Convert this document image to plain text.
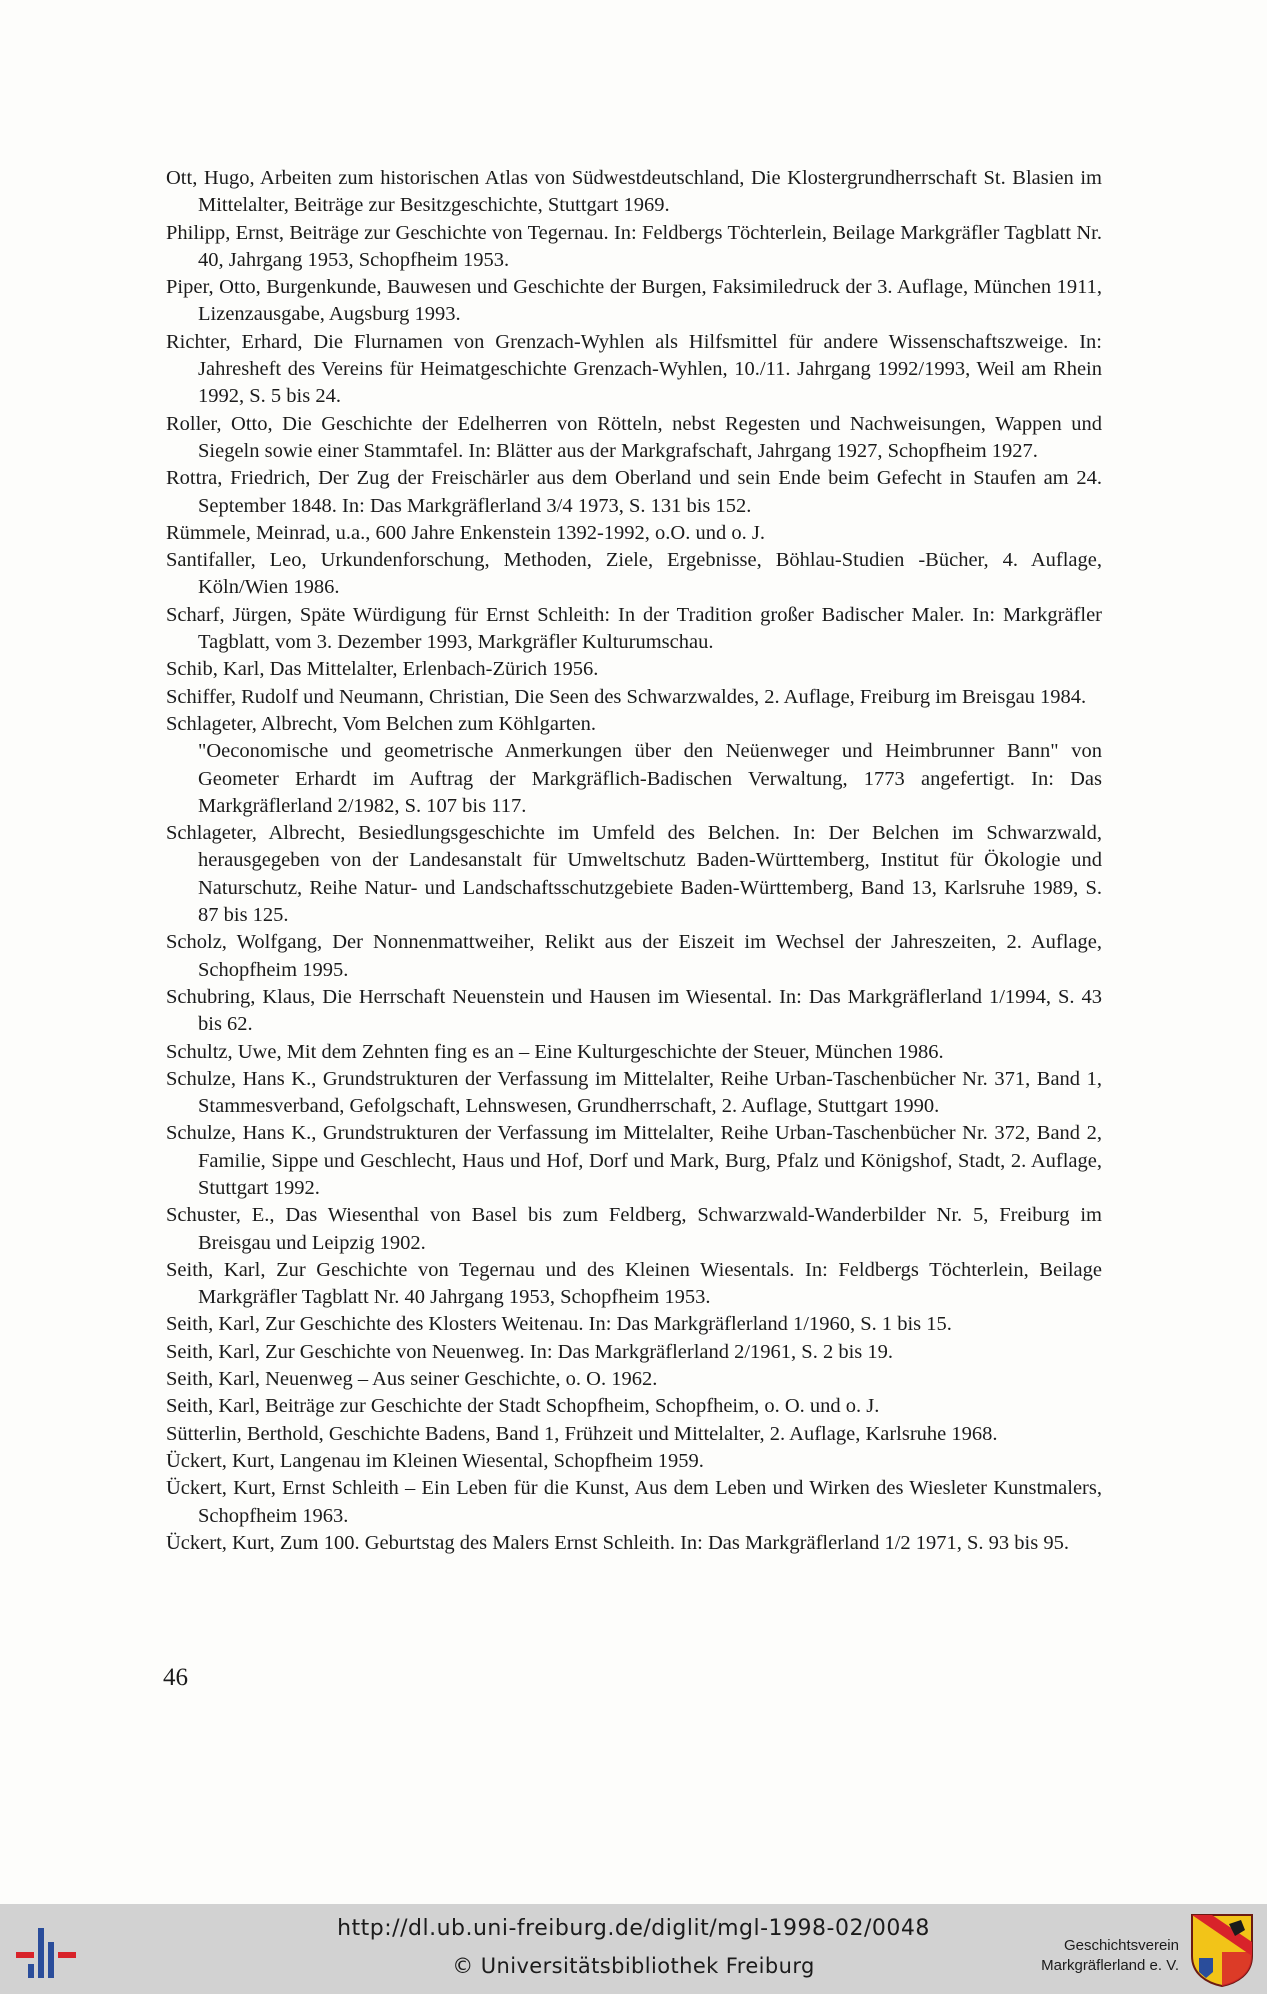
Ott, Hugo, Arbeiten zum historischen Atlas von Südwestdeutschland, Die Klostergrundherrschaft St. Blasien im Mittelalter, Beiträge zur Besitzgeschichte, Stuttgart 1969.

Philipp, Ernst, Beiträge zur Geschichte von Tegernau. In: Feldbergs Töchterlein, Beilage Markgräfler Tagblatt Nr. 40, Jahrgang 1953, Schopfheim 1953.

Piper, Otto, Burgenkunde, Bauwesen und Geschichte der Burgen, Faksimiledruck der 3. Auflage, München 1911, Lizenzausgabe, Augsburg 1993.

Richter, Erhard, Die Flurnamen von Grenzach-Wyhlen als Hilfsmittel für andere Wissenschaftszweige. In: Jahresheft des Vereins für Heimatgeschichte Grenzach-Wyhlen, 10./11. Jahrgang 1992/1993, Weil am Rhein 1992, S. 5 bis 24.

Roller, Otto, Die Geschichte der Edelherren von Rötteln, nebst Regesten und Nachweisungen, Wappen und Siegeln sowie einer Stammtafel. In: Blätter aus der Markgrafschaft, Jahrgang 1927, Schopfheim 1927.

Rottra, Friedrich, Der Zug der Freischärler aus dem Oberland und sein Ende beim Gefecht in Staufen am 24. September 1848. In: Das Markgräflerland 3/4 1973, S. 131 bis 152.

Rümmele, Meinrad, u.a., 600 Jahre Enkenstein 1392-1992, o.O. und o. J.

Santifaller, Leo, Urkundenforschung, Methoden, Ziele, Ergebnisse, Böhlau-Studien -Bücher, 4. Auflage, Köln/Wien 1986.

Scharf, Jürgen, Späte Würdigung für Ernst Schleith: In der Tradition großer Badischer Maler. In: Markgräfler Tagblatt, vom 3. Dezember 1993, Markgräfler Kulturumschau.

Schib, Karl, Das Mittelalter, Erlenbach-Zürich 1956.

Schiffer, Rudolf und Neumann, Christian, Die Seen des Schwarzwaldes, 2. Auflage, Freiburg im Breisgau 1984.

Schlageter, Albrecht, Vom Belchen zum Köhlgarten.

"Oeconomische und geometrische Anmerkungen über den Neüenweger und Heimbrunner Bann" von Geometer Erhardt im Auftrag der Markgräflich-Badischen Verwaltung, 1773 angefertigt. In: Das Markgräflerland 2/1982, S. 107 bis 117.

Schlageter, Albrecht, Besiedlungsgeschichte im Umfeld des Belchen. In: Der Belchen im Schwarzwald, herausgegeben von der Landesanstalt für Umweltschutz Baden-Württemberg, Institut für Ökologie und Naturschutz, Reihe Natur- und Landschaftsschutzgebiete Baden-Württemberg, Band 13, Karlsruhe 1989, S. 87 bis 125.

Scholz, Wolfgang, Der Nonnenmattweiher, Relikt aus der Eiszeit im Wechsel der Jahreszeiten, 2. Auflage, Schopfheim 1995.

Schubring, Klaus, Die Herrschaft Neuenstein und Hausen im Wiesental. In: Das Markgräflerland 1/1994, S. 43 bis 62.

Schultz, Uwe, Mit dem Zehnten fing es an – Eine Kulturgeschichte der Steuer, München 1986.

Schulze, Hans K., Grundstrukturen der Verfassung im Mittelalter, Reihe Urban-Taschenbücher Nr. 371, Band 1, Stammesverband, Gefolgschaft, Lehnswesen, Grundherrschaft, 2. Auflage, Stuttgart 1990.

Schulze, Hans K., Grundstrukturen der Verfassung im Mittelalter, Reihe Urban-Taschenbücher Nr. 372, Band 2, Familie, Sippe und Geschlecht, Haus und Hof, Dorf und Mark, Burg, Pfalz und Königshof, Stadt, 2. Auflage, Stuttgart 1992.

Schuster, E., Das Wiesenthal von Basel bis zum Feldberg, Schwarzwald-Wanderbilder Nr. 5, Freiburg im Breisgau und Leipzig 1902.

Seith, Karl, Zur Geschichte von Tegernau und des Kleinen Wiesentals. In: Feldbergs Töchterlein, Beilage Markgräfler Tagblatt Nr. 40 Jahrgang 1953, Schopfheim 1953.

Seith, Karl, Zur Geschichte des Klosters Weitenau. In: Das Markgräflerland 1/1960, S. 1 bis 15.

Seith, Karl, Zur Geschichte von Neuenweg. In: Das Markgräflerland 2/1961, S. 2 bis 19.

Seith, Karl, Neuenweg – Aus seiner Geschichte, o. O. 1962.

Seith, Karl, Beiträge zur Geschichte der Stadt Schopfheim, Schopfheim, o. O. und o. J.

Sütterlin, Berthold, Geschichte Badens, Band 1, Frühzeit und Mittelalter, 2. Auflage, Karlsruhe 1968.

Ückert, Kurt, Langenau im Kleinen Wiesental, Schopfheim 1959.

Ückert, Kurt, Ernst Schleith – Ein Leben für die Kunst, Aus dem Leben und Wirken des Wiesleter Kunstmalers, Schopfheim 1963.

Ückert, Kurt, Zum 100. Geburtstag des Malers Ernst Schleith. In: Das Markgräflerland 1/2 1971, S. 93 bis 95.

46
http://dl.ub.uni-freiburg.de/diglit/mgl-1998-02/0048
© Universitätsbibliothek Freiburg
Geschichtsverein
Markgräflerland e. V.
